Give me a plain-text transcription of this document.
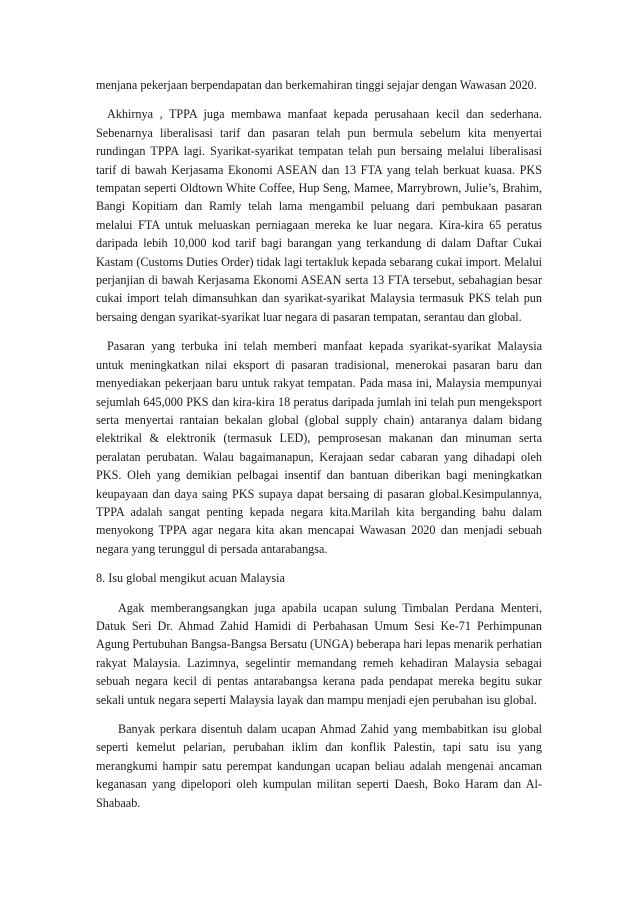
menjana pekerjaan berpendapatan dan berkemahiran tinggi sejajar dengan Wawasan 2020.

Akhirnya , TPPA juga membawa manfaat kepada perusahaan kecil dan sederhana. Sebenarnya liberalisasi tarif dan pasaran telah pun bermula sebelum kita menyertai rundingan TPPA lagi. Syarikat-syarikat tempatan telah pun bersaing melalui liberalisasi tarif di bawah Kerjasama Ekonomi ASEAN dan 13 FTA yang telah berkuat kuasa. PKS tempatan seperti Oldtown White Coffee, Hup Seng, Mamee, Marrybrown, Julie’s, Brahim, Bangi Kopitiam dan Ramly telah lama mengambil peluang dari pembukaan pasaran melalui FTA untuk meluaskan perniagaan mereka ke luar negara. Kira-kira 65 peratus daripada lebih 10,000 kod tarif bagi barangan yang terkandung di dalam Daftar Cukai Kastam (Customs Duties Order) tidak lagi tertakluk kepada sebarang cukai import. Melalui perjanjian di bawah Kerjasama Ekonomi ASEAN serta 13 FTA tersebut, sebahagian besar cukai import telah dimansuhkan dan syarikat-syarikat Malaysia termasuk PKS telah pun bersaing dengan syarikat-syarikat luar negara di pasaran tempatan, serantau dan global.

Pasaran yang terbuka ini telah memberi manfaat kepada syarikat-syarikat Malaysia untuk meningkatkan nilai eksport di pasaran tradisional, menerokai pasaran baru dan menyediakan pekerjaan baru untuk rakyat tempatan. Pada masa ini, Malaysia mempunyai sejumlah 645,000 PKS dan kira-kira 18 peratus daripada jumlah ini telah pun mengeksport serta menyertai rantaian bekalan global (global supply chain) antaranya dalam bidang elektrikal & elektronik (termasuk LED), pemprosesan makanan dan minuman serta peralatan perubatan. Walau bagaimanapun, Kerajaan sedar cabaran yang dihadapi oleh PKS. Oleh yang demikian pelbagai insentif dan bantuan diberikan bagi meningkatkan keupayaan dan daya saing PKS supaya dapat bersaing di pasaran global.Kesimpulannya, TPPA adalah sangat penting kepada negara kita.Marilah kita berganding bahu dalam menyokong TPPA agar negara kita akan mencapai Wawasan 2020 dan menjadi sebuah negara yang terunggul di persada antarabangsa.

8. Isu global mengikut acuan Malaysia

Agak memberangsangkan juga apabila ucapan sulung Timbalan Perdana Menteri, Datuk Seri Dr. Ahmad Zahid Hamidi di Perbahasan Umum Sesi Ke-71 Perhimpunan Agung Pertubuhan Bangsa-Bangsa Bersatu (UNGA) beberapa hari lepas menarik perhatian rakyat Malaysia. Lazimnya, segelintir memandang remeh kehadiran Malaysia sebagai sebuah negara kecil di pentas antarabangsa kerana pada pendapat mereka begitu sukar sekali untuk negara seperti Malaysia layak dan mampu menjadi ejen perubahan isu global.

Banyak perkara disentuh dalam ucapan Ahmad Zahid yang membabitkan isu global seperti kemelut pelarian, perubahan iklim dan konflik Palestin, tapi satu isu yang merangkumi hampir satu perempat kandungan ucapan beliau adalah mengenai ancaman keganasan yang dipelopori oleh kumpulan militan seperti Daesh, Boko Haram dan Al-Shabaab.
